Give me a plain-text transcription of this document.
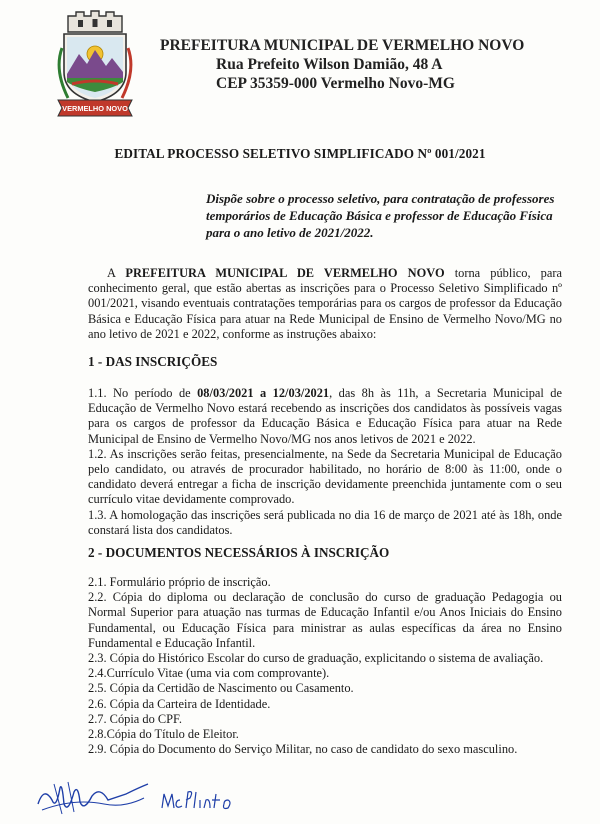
VERMELHO NOVO
PREFEITURA MUNICIPAL DE VERMELHO NOVO
Rua Prefeito Wilson Damião, 48 A
CEP 35359-000 Vermelho Novo-MG
EDITAL PROCESSO SELETIVO SIMPLIFICADO Nº 001/2021
Dispõe sobre o processo seletivo, para contratação de professores temporários de Educação Básica e professor de Educação Física para o ano letivo de 2021/2022.
A PREFEITURA MUNICIPAL DE VERMELHO NOVO torna público, para conhecimento geral, que estão abertas as inscrições para o Processo Seletivo Simplificado nº 001/2021, visando eventuais contratações temporárias para os cargos de professor da Educação Básica e Educação Física para atuar na Rede Municipal de Ensino de Vermelho Novo/MG no ano letivo de 2021 e 2022, conforme as instruções abaixo:
1 - DAS INSCRIÇÕES
1.1. No período de 08/03/2021 a 12/03/2021, das 8h às 11h, a Secretaria Municipal de Educação de Vermelho Novo estará recebendo as inscrições dos candidatos às possíveis vagas para os cargos de professor da Educação Básica e Educação Física para atuar na Rede Municipal de Ensino de Vermelho Novo/MG nos anos letivos de 2021 e 2022.
1.2. As inscrições serão feitas, presencialmente, na Sede da Secretaria Municipal de Educação pelo candidato, ou através de procurador habilitado, no horário de 8:00 às 11:00, onde o candidato deverá entregar a ficha de inscrição devidamente preenchida juntamente com o seu currículo vitae devidamente comprovado.
1.3. A homologação das inscrições será publicada no dia 16 de março de 2021 até às 18h, onde constará lista dos candidatos.
2 - DOCUMENTOS NECESSÁRIOS À INSCRIÇÃO
2.1. Formulário próprio de inscrição.
2.2. Cópia do diploma ou declaração de conclusão do curso de graduação Pedagogia ou Normal Superior para atuação nas turmas de Educação Infantil e/ou Anos Iniciais do Ensino Fundamental, ou Educação Física para ministrar as aulas específicas da área no Ensino Fundamental e Educação Infantil.
2.3. Cópia do Histórico Escolar do curso de graduação, explicitando o sistema de avaliação.
2.4.Currículo Vitae (uma via com comprovante).
2.5. Cópia da Certidão de Nascimento ou Casamento.
2.6. Cópia da Carteira de Identidade.
2.7. Cópia do CPF.
2.8.Cópia do Título de Eleitor.
2.9. Cópia do Documento do Serviço Militar, no caso de candidato do sexo masculino.
